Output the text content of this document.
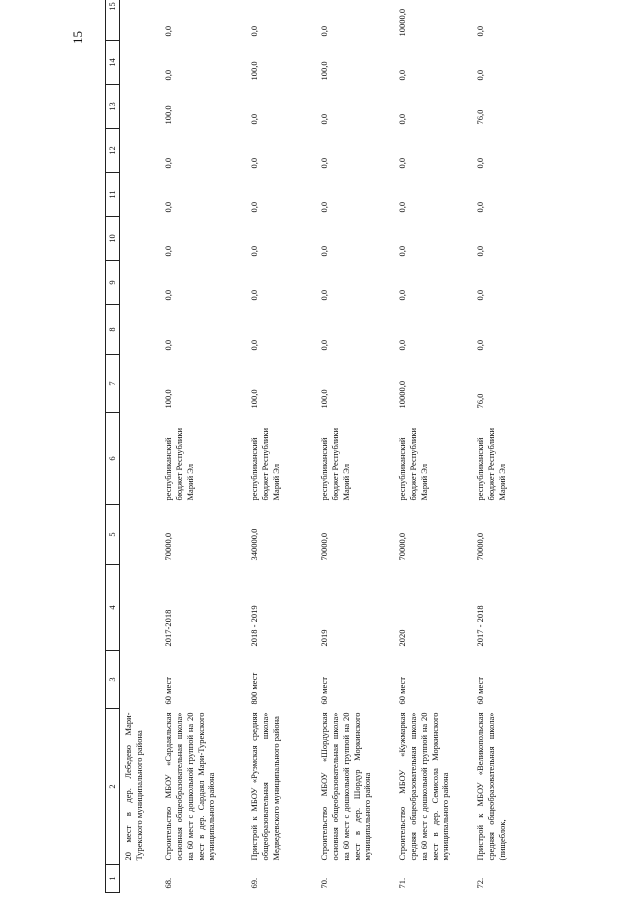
15
1	2	3	4	5	6	7	8	9	10	11	12	13	14	15
	20 мест в дер. Лебедево Мари-Турекского муниципального района													
68.	Строительство МБОУ «Сардаяльская основная общеобразовательная школа» на 60 мест с дошкольной группой на 20 мест в дер. Сардаял Мари-Турекского муниципального района	60 мест	2017-2018	70000,0	республиканский бюджет Республики Марий Эл	100,0	0,0	0,0	0,0	0,0	0,0	100,0	0,0	0,0
69.	Пристрой к МБОУ «Руэмская средняя общеобразовательная школа» Медведевского муниципального района	800 мест	2018 - 2019	340000,0	республиканский бюджет Республики Марий Эл	100,0	0,0	0,0	0,0	0,0	0,0	0,0	100,0	0,0
70.	Строительство МБОУ «Шордурская основная общеобразовательная школа» на 60 мест с дошкольной группой на 20 мест в дер. Шордур Моркинского муниципального района	60 мест	2019	70000,0	республиканский бюджет Республики Марий Эл	100,0	0,0	0,0	0,0	0,0	0,0	0,0	100,0	0,0
71.	Строительство МБОУ «Кужмаркая средняя общеобразовательная школа» на 60 мест с дошкольной группой на 20 мест в дер. Семисола Моркинского муниципального района	60 мест	2020	70000,0	республиканский бюджет Республики Марий Эл	10000,0	0,0	0,0	0,0	0,0	0,0	0,0	0,0	10000,0
72.	Пристрой к МБОУ «Великопольская средняя общеобразовательная школа» (пищеблок,	60 мест	2017 - 2018	70000,0	республиканский бюджет Республики Марий Эл	76,0	0,0	0,0	0,0	0,0	0,0	76,0	0,0	0,0
